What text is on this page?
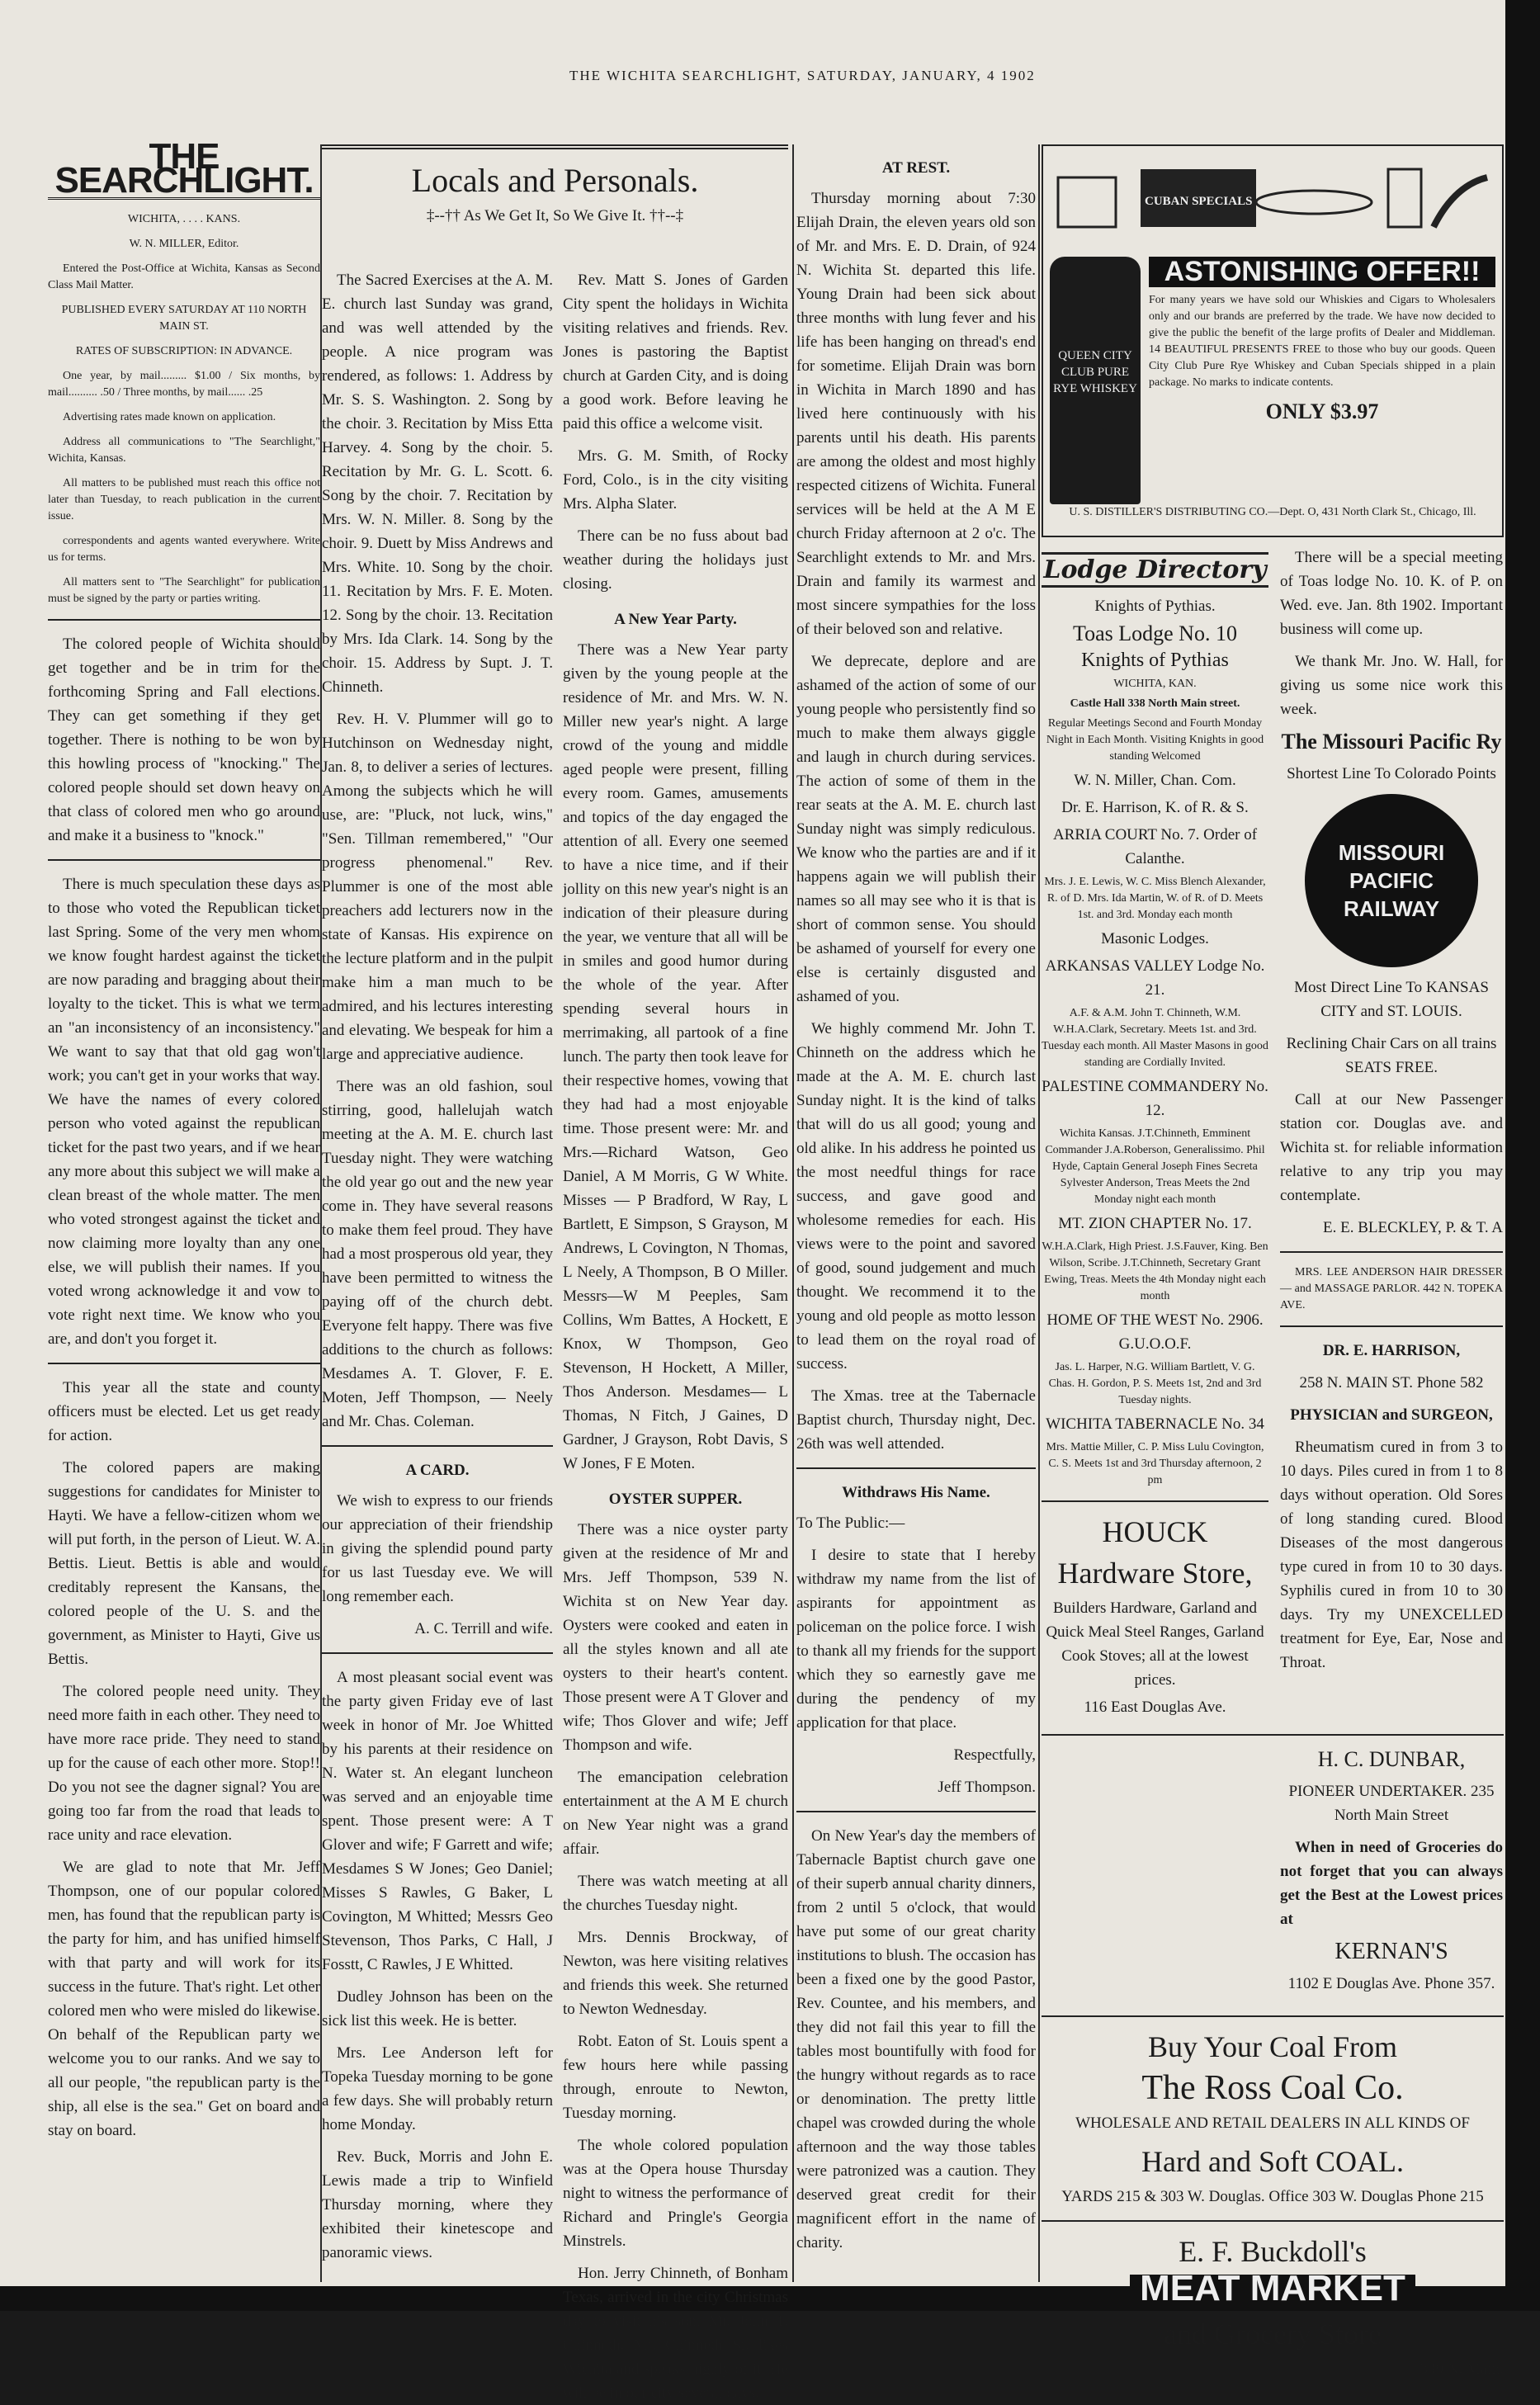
THE WICHITA SEARCHLIGHT, SATURDAY, JANUARY, 4 1902
THE SEARCHLIGHT.

WICHITA, . . . . KANS.

W. N. MILLER, Editor.

Entered the Post-Office at Wichita, Kansas as Second Class Mail Matter.

PUBLISHED EVERY SATURDAY AT 110 NORTH MAIN ST.

RATES OF SUBSCRIPTION: IN ADVANCE.

One year, by mail......... $1.00 / Six months, by mail.......... .50 / Three months, by mail...... .25

Advertising rates made known on application.

Address all communications to "The Searchlight," Wichita, Kansas.

All matters to be published must reach this office not later than Tuesday, to reach publication in the current issue.

correspondents and agents wanted everywhere. Write us for terms.

All matters sent to "The Searchlight" for publication must be signed by the party or parties writing.

The colored people of Wichita should get together and be in trim for the forthcoming Spring and Fall elections. They can get something if they get together. There is nothing to be won by this howling process of "knocking." The colored people should set down heavy on that class of colored men who go around and make it a business to "knock."

There is much speculation these days as to those who voted the Republican ticket last Spring. Some of the very men whom we know fought hardest against the ticket are now parading and bragging about their loyalty to the ticket. This is what we term an "an inconsistency of an inconsistency." We want to say that that old gag won't work; you can't get in your works that way. We have the names of every colored person who voted against the republican ticket for the past two years, and if we hear any more about this subject we will make a clean breast of the whole matter. The men who voted strongest against the ticket and now claiming more loyalty than any one else, we will publish their names. If you voted wrong acknowledge it and vow to vote right next time. We know who you are, and don't you forget it.

This year all the state and county officers must be elected. Let us get ready for action.

The colored papers are making suggestions for candidates for Minister to Hayti. We have a fellow-citizen whom we will put forth, in the person of Lieut. W. A. Bettis. Lieut. Bettis is able and would creditably represent the Kansans, the colored people of the U. S. and the government, as Minister to Hayti, Give us Bettis.

The colored people need unity. They need more faith in each other. They need to have more race pride. They need to stand up for the cause of each other more. Stop!! Do you not see the dagner signal? You are going too far from the road that leads to race unity and race elevation.

We are glad to note that Mr. Jeff Thompson, one of our popular colored men, has found that the republican party is the party for him, and has unified himself with that party and will work for its success in the future. That's right. Let other colored men who were misled do likewise. On behalf of the Republican party we welcome you to our ranks. And we say to all our people, "the republican party is the ship, all else is the sea." Get on board and stay on board.

Locals and Personals.

‡--†† As We Get It, So We Give It. ††--‡

The Sacred Exercises at the A. M. E. church last Sunday was grand, and was well attended by the people. A nice program was rendered, as follows: 1. Address by Mr. S. S. Washington. 2. Song by the choir. 3. Recitation by Miss Etta Harvey. 4. Song by the choir. 5. Recitation by Mr. G. L. Scott. 6. Song by the choir. 7. Recitation by Mrs. W. N. Miller. 8. Song by the choir. 9. Duett by Miss Andrews and Mrs. White. 10. Song by the choir. 11. Recitation by Mrs. F. E. Moten. 12. Song by the choir. 13. Recitation by Mrs. Ida Clark. 14. Song by the choir. 15. Address by Supt. J. T. Chinneth.

Rev. H. V. Plummer will go to Hutchinson on Wednesday night, Jan. 8, to deliver a series of lectures. Among the subjects which he will use, are: "Pluck, not luck, wins," "Sen. Tillman remembered," "Our progress phenomenal." Rev. Plummer is one of the most able preachers add lecturers now in the state of Kansas. His expirence on the lecture platform and in the pulpit make him a man much to be admired, and his lectures interesting and elevating. We bespeak for him a large and appreciative audience.

There was an old fashion, soul stirring, good, hallelujah watch meeting at the A. M. E. church last Tuesday night. They were watching the old year go out and the new year come in. They have several reasons to make them feel proud. They have had a most prosperous old year, they have been permitted to witness the paying off of the church debt. Everyone felt happy. There was five additions to the church as follows: Mesdames A. T. Glover, F. E. Moten, Jeff Thompson, — Neely and Mr. Chas. Coleman.

A CARD.

We wish to express to our friends our appreciation of their friendship in giving the splendid pound party for us last Tuesday eve. We will long remember each.

A. C. Terrill and wife.

A most pleasant social event was the party given Friday eve of last week in honor of Mr. Joe Whitted by his parents at their residence on N. Water st. An elegant luncheon was served and an enjoyable time spent. Those present were: A T Glover and wife; F Garrett and wife; Mesdames S W Jones; Geo Daniel; Misses S Rawles, G Baker, L Covington, M Whitted; Messrs Geo Stevenson, Thos Parks, C Hall, J Fosstt, C Rawles, J E Whitted.

Dudley Johnson has been on the sick list this week. He is better.

Mrs. Lee Anderson left for Topeka Tuesday morning to be gone a few days. She will probably return home Monday.

Rev. Buck, Morris and John E. Lewis made a trip to Winfield Thursday morning, where they exhibited their kinetescope and panoramic views.

Rev. Matt S. Jones of Garden City spent the holidays in Wichita visiting relatives and friends. Rev. Jones is pastoring the Baptist church at Garden City, and is doing a good work. Before leaving he paid this office a welcome visit.

Mrs. G. M. Smith, of Rocky Ford, Colo., is in the city visiting Mrs. Alpha Slater.

There can be no fuss about bad weather during the holidays just closing.

A New Year Party.

There was a New Year party given by the young people at the residence of Mr. and Mrs. W. N. Miller new year's night. A large crowd of the young and middle aged people were present, filling every room. Games, amusements and topics of the day engaged the attention of all. Every one seemed to have a nice time, and if their jollity on this new year's night is an indication of their pleasure during the year, we venture that all will be in smiles and good humor during the whole of the year. After spending several hours in merrimaking, all partook of a fine lunch. The party then took leave for their respective homes, vowing that they had had a most enjoyable time. Those present were: Mr. and Mrs.—Richard Watson, Geo Daniel, A M Morris, G W White. Misses — P Bradford, W Ray, L Bartlett, E Simpson, S Grayson, M Andrews, L Covington, N Thomas, L Neely, A Thompson, B O Miller. Messrs—W M Peeples, Sam Collins, Wm Battes, A Hockett, E Knox, W Thompson, Geo Stevenson, H Hockett, A Miller, Thos Anderson. Mesdames— L Thomas, N Fitch, J Gaines, D Gardner, J Grayson, Robt Davis, S W Jones, F E Moten.

OYSTER SUPPER.

There was a nice oyster party given at the residence of Mr and Mrs. Jeff Thompson, 539 N. Wichita st on New Year day. Oysters were cooked and eaten in all the styles known and all ate oysters to their heart's content. Those present were A T Glover and wife; Thos Glover and wife; Jeff Thompson and wife.

The emancipation celebration entertainment at the A M E church on New Year night was a grand affair.

There was watch meeting at all the churches Tuesday night.

Mrs. Dennis Brockway, of Newton, was here visiting relatives and friends this week. She returned to Newton Wednesday.

Robt. Eaton of St. Louis spent a few hours here while passing through, enroute to Newton, Tuesday morning.

The whole colored population was at the Opera house Thursday night to witness the performance of Richard and Pringle's Georgia Minstrels.

Hon. Jerry Chinneth, of Bonham Texas, arrived in the city Christmas day to visit his son, Mr. John T. Chinneth. Mr. Chinneth Sr. likes Wichita and speaks highly of it. He will be in our city several days.

AT REST.

Thursday morning about 7:30 Elijah Drain, the eleven years old son of Mr. and Mrs. E. D. Drain, of 924 N. Wichita St. departed this life. Young Drain had been sick about three months with lung fever and his life has been hanging on thread's end for sometime. Elijah Drain was born in Wichita in March 1890 and has lived here continuously with his parents until his death. His parents are among the oldest and most highly respected citizens of Wichita. Funeral services will be held at the A M E church Friday afternoon at 2 o'c. The Searchlight extends to Mr. and Mrs. Drain and family its warmest and most sincere sympathies for the loss of their beloved son and relative.

We deprecate, deplore and are ashamed of the action of some of our young people who persistently find so much to make them always giggle and laugh in church during services. The action of some of them in the rear seats at the A. M. E. church last Sunday night was simply rediculous. We know who the parties are and if it happens again we will publish their names so all may see who it is that is short of common sense. You should be ashamed of yourself for every one else is certainly disgusted and ashamed of you.

We highly commend Mr. John T. Chinneth on the address which he made at the A. M. E. church last Sunday night. It is the kind of talks that will do us all good; young and old alike. In his address he pointed us the most needful things for race success, and gave good and wholesome remedies for each. His views were to the point and savored of good, sound judgement and much thought. We recommend it to the young and old people as motto lesson to lead them on the royal road of success.

The Xmas. tree at the Tabernacle Baptist church, Thursday night, Dec. 26th was well attended.

Withdraws His Name.

To The Public:—

I desire to state that I hereby withdraw my name from the list of aspirants for appointment as policeman on the police force. I wish to thank all my friends for the support which they so earnestly gave me during the pendency of my application for that place.

Respectfully,

Jeff Thompson.

On New Year's day the members of Tabernacle Baptist church gave one of their superb annual charity dinners, from 2 until 5 o'clock, that would have put some of our great charity institutions to blush. The occasion has been a fixed one by the good Pastor, Rev. Countee, and his members, and they did not fail this year to fill the tables most bountifully with food for the hungry without regards as to race or denomination. The pretty little chapel was crowded during the whole afternoon and the way those tables were patronized was a caution. They deserved great credit for their magnificent effort in the name of charity.

CUBAN SPECIALS
QUEEN CITY CLUB PURE RYE WHISKEY
ASTONISHING OFFER!!

For many years we have sold our Whiskies and Cigars to Wholesalers only and our brands are preferred by the trade. We have now decided to give the public the benefit of the large profits of Dealer and Middleman. 14 BEAUTIFUL PRESENTS FREE to those who buy our goods. Queen City Club Pure Rye Whiskey and Cuban Specials shipped in a plain package. No marks to indicate contents.

ONLY $3.97

U. S. DISTILLER'S DISTRIBUTING CO.—Dept. O, 431 North Clark St., Chicago, Ill.

Lodge Directory

Knights of Pythias.

Toas Lodge No. 10

Knights of Pythias

WICHITA, KAN.

Castle Hall 338 North Main street.

Regular Meetings Second and Fourth Monday Night in Each Month. Visiting Knights in good standing Welcomed

W. N. Miller, Chan. Com.

Dr. E. Harrison, K. of R. & S.

ARRIA COURT No. 7. Order of Calanthe.

Mrs. J. E. Lewis, W. C. Miss Blench Alexander, R. of D. Mrs. Ida Martin, W. of R. of D. Meets 1st. and 3rd. Monday each month

Masonic Lodges.

ARKANSAS VALLEY Lodge No. 21.

A.F. & A.M. John T. Chinneth, W.M. W.H.A.Clark, Secretary. Meets 1st. and 3rd. Tuesday each month. All Master Masons in good standing are Cordially Invited.

PALESTINE COMMANDERY No. 12.

Wichita Kansas. J.T.Chinneth, Emminent Commander J.A.Roberson, Generalissimo. Phil Hyde, Captain General Joseph Fines Secreta Sylvester Anderson, Treas Meets the 2nd Monday night each month

MT. ZION CHAPTER No. 17.

W.H.A.Clark, High Priest. J.S.Fauver, King. Ben Wilson, Scribe. J.T.Chinneth, Secretary Grant Ewing, Treas. Meets the 4th Monday night each month

HOME OF THE WEST No. 2906. G.U.O.O.F.

Jas. L. Harper, N.G. William Bartlett, V. G. Chas. H. Gordon, P. S. Meets 1st, 2nd and 3rd Tuesday nights.

WICHITA TABERNACLE No. 34

Mrs. Mattie Miller, C. P. Miss Lulu Covington, C. S. Meets 1st and 3rd Thursday afternoon, 2 pm

HOUCK

Hardware Store,

Builders Hardware, Garland and Quick Meal Steel Ranges, Garland Cook Stoves; all at the lowest prices.

116 East Douglas Ave.

There will be a special meeting of Toas lodge No. 10. K. of P. on Wed. eve. Jan. 8th 1902. Important business will come up.

We thank Mr. Jno. W. Hall, for giving us some nice work this week.

The Missouri Pacific Ry

Shortest Line To Colorado Points

MISSOURI
PACIFIC
RAILWAY

Most Direct Line To KANSAS CITY and ST. LOUIS.

Reclining Chair Cars on all trains SEATS FREE.

Call at our New Passenger station cor. Douglas ave. and Wichita st. for reliable information relative to any trip you may contemplate.

E. E. BLECKLEY, P. & T. A

MRS. LEE ANDERSON HAIR DRESSER— and MASSAGE PARLOR. 442 N. TOPEKA AVE.

DR. E. HARRISON,

258 N. MAIN ST. Phone 582

PHYSICIAN and SURGEON,

Rheumatism cured in from 3 to 10 days. Piles cured in from 1 to 8 days without operation. Old Sores of long standing cured. Blood Diseases of the most dangerous type cured in from 10 to 30 days. Syphilis cured in from 10 to 30 days. Try my UNEXCELLED treatment for Eye, Ear, Nose and Throat.

H. C. DUNBAR,

PIONEER UNDERTAKER. 235 North Main Street

When in need of Groceries do not forget that you can always get the Best at the Lowest prices at

KERNAN'S

1102 E Douglas Ave. Phone 357.

Buy Your Coal From

The Ross Coal Co.

WHOLESALE AND RETAIL DEALERS IN ALL KINDS OF

Hard and Soft COAL.

YARDS 215 & 303 W. Douglas. Office 303 W. Douglas Phone 215

E. F. Buckdoll's

MEAT MARKET

and Grocery Store

339 N. Main.
